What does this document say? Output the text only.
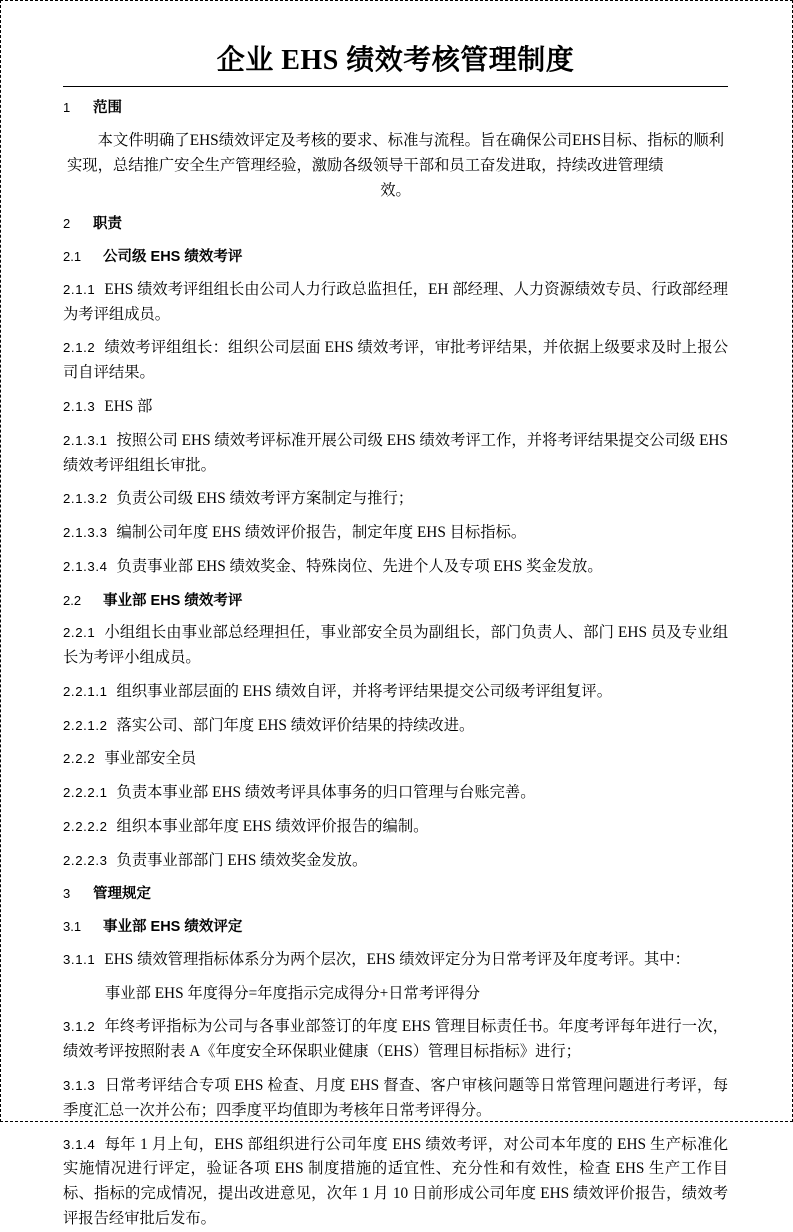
企业 EHS 绩效考核管理制度
1	范围
本文件明确了EHS绩效评定及考核的要求、标准与流程。旨在确保公司EHS目标、指标的顺利实现，总结推广安全生产管理经验，激励各级领导干部和员工奋发进取，持续改进管理绩
效。
2	职责
2.1	公司级 EHS 绩效考评

2.1.1 EHS 绩效考评组组长由公司人力行政总监担任，EH 部经理、人力资源绩效专员、行政部经理为考评组成员。

2.1.2 绩效考评组组长：组织公司层面 EHS 绩效考评，审批考评结果，并依据上级要求及时上报公司自评结果。

2.1.3 EHS 部

2.1.3.1 按照公司 EHS 绩效考评标准开展公司级 EHS 绩效考评工作，并将考评结果提交公司级 EHS 绩效考评组组长审批。

2.1.3.2 负责公司级 EHS 绩效考评方案制定与推行；

2.1.3.3 编制公司年度 EHS 绩效评价报告，制定年度 EHS 目标指标。

2.1.3.4 负责事业部 EHS 绩效奖金、特殊岗位、先进个人及专项 EHS 奖金发放。

2.2	事业部 EHS 绩效考评

2.2.1 小组组长由事业部总经理担任，事业部安全员为副组长，部门负责人、部门 EHS 员及专业组长为考评小组成员。

2.2.1.1 组织事业部层面的 EHS 绩效自评，并将考评结果提交公司级考评组复评。

2.2.1.2 落实公司、部门年度 EHS 绩效评价结果的持续改进。

2.2.2 事业部安全员

2.2.2.1 负责本事业部 EHS 绩效考评具体事务的归口管理与台账完善。

2.2.2.2 组织本事业部年度 EHS 绩效评价报告的编制。

2.2.2.3 负责事业部部门 EHS 绩效奖金发放。

3	管理规定
3.1	事业部 EHS 绩效评定

3.1.1 EHS 绩效管理指标体系分为两个层次，EHS 绩效评定分为日常考评及年度考评。其中：

事业部 EHS 年度得分=年度指示完成得分+日常考评得分

3.1.2 年终考评指标为公司与各事业部签订的年度 EHS 管理目标责任书。年度考评每年进行一次，绩效考评按照附表 A《年度安全环保职业健康（EHS）管理目标指标》进行；

3.1.3 日常考评结合专项 EHS 检查、月度 EHS 督查、客户审核问题等日常管理问题进行考评，每季度汇总一次并公布；四季度平均值即为考核年日常考评得分。

3.1.4 每年 1 月上旬，EHS 部组织进行公司年度 EHS 绩效考评，对公司本年度的 EHS 生产标准化实施情况进行评定，验证各项 EHS 制度措施的适宜性、充分性和有效性，检查 EHS 生产工作目标、指标的完成情况，提出改进意见，次年 1 月 10 日前形成公司年度 EHS 绩效评价报告，绩效考评报告经审批后发布。
